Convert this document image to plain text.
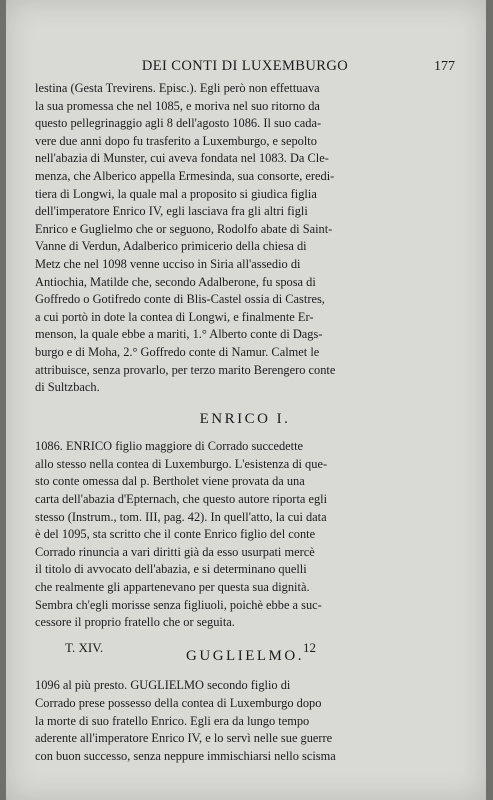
DEI CONTI DI LUXEMBURGO	177
lestina (Gesta Trevirens. Episc.). Egli però non effettuava
la sua promessa che nel 1085, e moriva nel suo ritorno da
questo pellegrinaggio agli 8 dell'agosto 1086. Il suo cada-
vere due anni dopo fu trasferito a Luxemburgo, e sepolto
nell'abazia di Munster, cui aveva fondata nel 1083. Da Cle-
menza, che Alberico appella Ermesinda, sua consorte, eredi-
tiera di Longwi, la quale mal a proposito si giudica figlia
dell'imperatore Enrico IV, egli lasciava fra gli altri figli
Enrico e Guglielmo che or seguono, Rodolfo abate di Saint-
Vanne di Verdun, Adalberico primicerio della chiesa di
Metz che nel 1098 venne ucciso in Siria all'assedio di
Antiochia, Matilde che, secondo Adalberone, fu sposa di
Goffredo o Gotifredo conte di Blis-Castel ossia di Castres,
a cui portò in dote la contea di Longwi, e finalmente Er-
menson, la quale ebbe a mariti, 1.° Alberto conte di Dags-
burgo e di Moha, 2.° Goffredo conte di Namur. Calmet le
attribuisce, senza provarlo, per terzo marito Berengero conte
di Sultzbach.
ENRICO I.
1086. ENRICO figlio maggiore di Corrado succedette
allo stesso nella contea di Luxemburgo. L'esistenza di que-
sto conte omessa dal p. Bertholet viene provata da una
carta dell'abazia d'Epternach, che questo autore riporta egli
stesso (Instrum., tom. III, pag. 42). In quell'atto, la cui data
è del 1095, sta scritto che il conte Enrico figlio del conte
Corrado rinuncia a vari diritti già da esso usurpati mercè
il titolo di avvocato dell'abazia, e si determinano quelli
che realmente gli appartenevano per questa sua dignità.
Sembra ch'egli morisse senza figliuoli, poichè ebbe a suc-
cessore il proprio fratello che or seguita.
GUGLIELMO.
1096 al più presto. GUGLIELMO secondo figlio di
Corrado prese possesso della contea di Luxemburgo dopo
la morte di suo fratello Enrico. Egli era da lungo tempo
aderente all'imperatore Enrico IV, e lo servì nelle sue guerre
con buon successo, senza neppure immischiarsi nello scisma
T. XIV.	12
